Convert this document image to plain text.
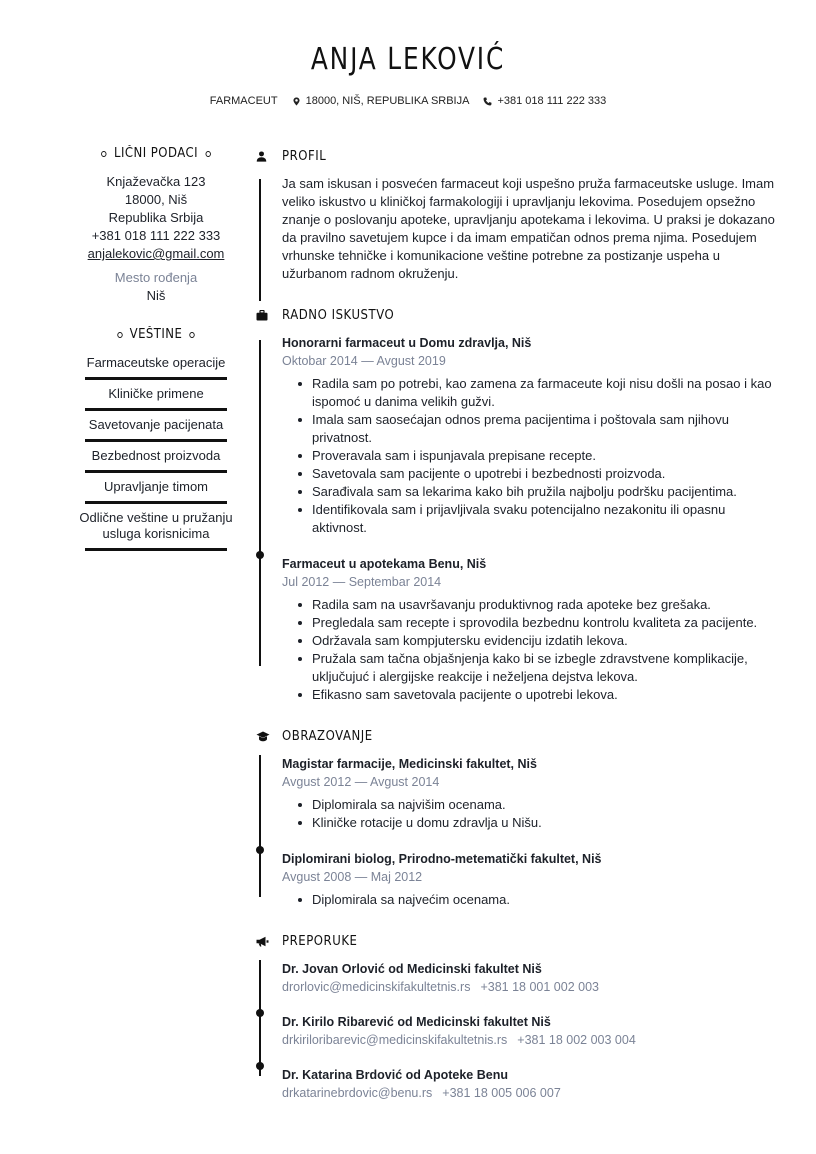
ANJA LEKOVIĆ
FARMACEUT	18000, NIŠ, REPUBLIKA SRBIJA	+381 018 111 222 333
LIČNI PODACI
Knjaževačka 123
18000, Niš
Republika Srbija
+381 018 111 222 333
anjalekovic@gmail.com
Mesto rođenja
Niš
VEŠTINE
Farmaceutske operacije
Kliničke primene
Savetovanje pacijenata
Bezbednost proizvoda
Upravljanje timom
Odlične veštine u pružanju usluga korisnicima
PROFIL
Ja sam iskusan i posvećen farmaceut koji uspešno pruža farmaceutske usluge. Imam veliko iskustvo u kliničkoj farmakologiji i upravljanju lekovima. Posedujem opsežno znanje o poslovanju apoteke, upravljanju apotekama i lekovima. U praksi je dokazano da pravilno savetujem kupce i da imam empatičan odnos prema njima. Posedujem vrhunske tehničke i komunikacione veštine potrebne za postizanje uspeha u užurbanom radnom okruženju.
RADNO ISKUSTVO
Honorarni farmaceut u Domu zdravlja, Niš
Oktobar 2014 — Avgust 2019
Radila sam po potrebi, kao zamena za farmaceute koji nisu došli na posao i kao ispomoć u danima velikih gužvi.
Imala sam saosećajan odnos prema pacijentima i poštovala sam njihovu privatnost.
Proveravala sam i ispunjavala prepisane recepte.
Savetovala sam pacijente o upotrebi i bezbednosti proizvoda.
Sarađivala sam sa lekarima kako bih pružila najbolju podršku pacijentima.
Identifikovala sam i prijavljivala svaku potencijalno nezakonitu ili opasnu aktivnost.
Farmaceut u apotekama Benu, Niš
Jul 2012 — Septembar 2014
Radila sam na usavršavanju produktivnog rada apoteke bez grešaka.
Pregledala sam recepte i sprovodila bezbednu kontrolu kvaliteta za pacijente.
Održavala sam kompjutersku evidenciju izdatih lekova.
Pružala sam tačna objašnjenja kako bi se izbegle zdravstvene komplikacije, uključujuć i alergijske reakcije i neželjena dejstva lekova.
Efikasno sam savetovala pacijente o upotrebi lekova.
OBRAZOVANJE
Magistar farmacije, Medicinski fakultet, Niš
Avgust 2012 — Avgust 2014
Diplomirala sa najvišim ocenama.
Kliničke rotacije u domu zdravlja u Nišu.
Diplomirani biolog, Prirodno-metematički fakultet, Niš
Avgust 2008 — Maj 2012
Diplomirala sa najvećim ocenama.
PREPORUKE
Dr. Jovan Orlović od Medicinski fakultet Niš
drorlovic@medicinskifakultetnis.rs +381 18 001 002 003
Dr. Kirilo Ribarević od Medicinski fakultet Niš
drkiriloribarevic@medicinskifakultetnis.rs +381 18 002 003 004
Dr. Katarina Brdović od Apoteke Benu
drkatarinebrdovic@benu.rs +381 18 005 006 007
